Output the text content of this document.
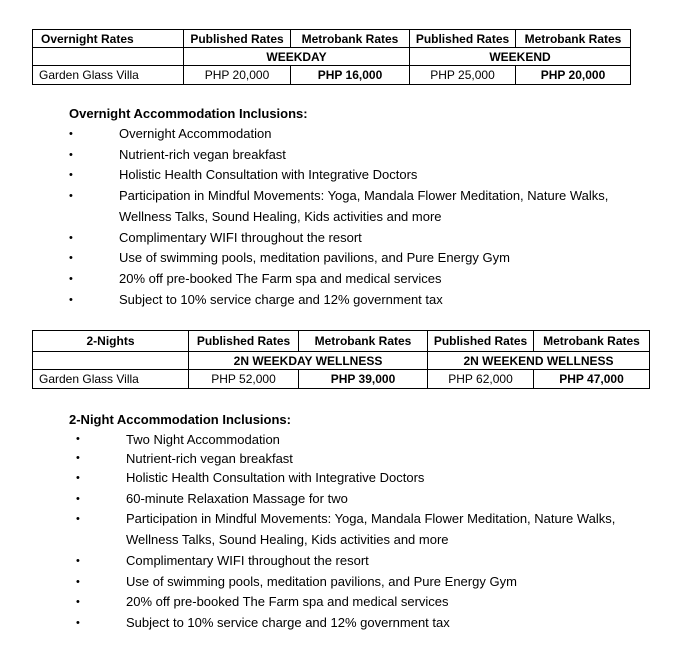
Overnight Rates	Published Rates	Metrobank Rates	Published Rates	Metrobank Rates
	WEEKDAY		WEEKEND	
Garden Glass Villa	PHP 20,000	PHP 16,000	PHP 25,000	PHP 20,000
Overnight Accommodation Inclusions:
•	Overnight Accommodation
•	Nutrient-rich vegan breakfast
•	Holistic Health Consultation with Integrative Doctors
•	Participation in Mindful Movements: Yoga, Mandala Flower Meditation, Nature Walks, Wellness Talks, Sound Healing, Kids activities and more
•	Complimentary WIFI throughout the resort
•	Use of swimming pools, meditation pavilions, and Pure Energy Gym
•	20% off pre-booked The Farm spa and medical services
•	Subject to 10% service charge and 12% government tax
2-Nights	Published Rates	Metrobank Rates	Published Rates	Metrobank Rates
	2N WEEKDAY WELLNESS		2N WEEKEND WELLNESS	
Garden Glass Villa	PHP 52,000	PHP 39,000	PHP 62,000	PHP 47,000
2-Night Accommodation Inclusions:
•	Two Night Accommodation
•	Nutrient-rich vegan breakfast
•	Holistic Health Consultation with Integrative Doctors
•	60-minute Relaxation Massage for two
•	Participation in Mindful Movements: Yoga, Mandala Flower Meditation, Nature Walks, Wellness Talks, Sound Healing, Kids activities and more
•	Complimentary WIFI throughout the resort
•	Use of swimming pools, meditation pavilions, and Pure Energy Gym
•	20% off pre-booked The Farm spa and medical services
•	Subject to 10% service charge and 12% government tax
